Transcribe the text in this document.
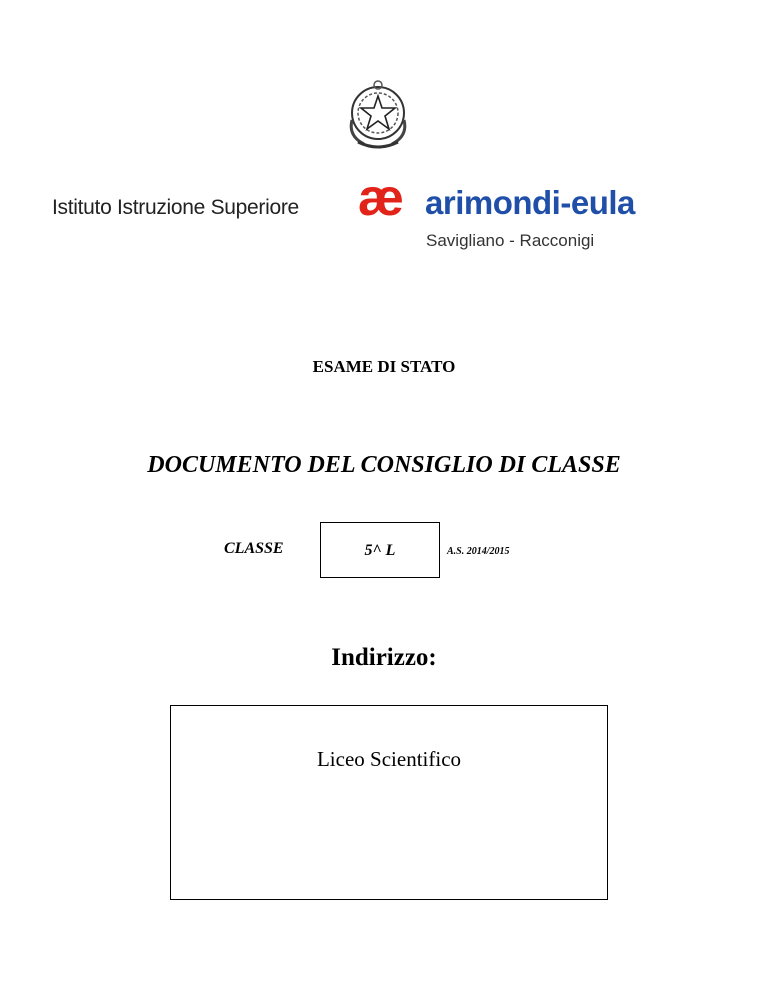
Istituto Istruzione Superiore æ arimondi-eula
Savigliano - Racconigi
ESAME DI STATO
DOCUMENTO DEL CONSIGLIO DI CLASSE
CLASSE	5^ L	A.S. 2014/2015
Indirizzo:
Liceo Scientifico
